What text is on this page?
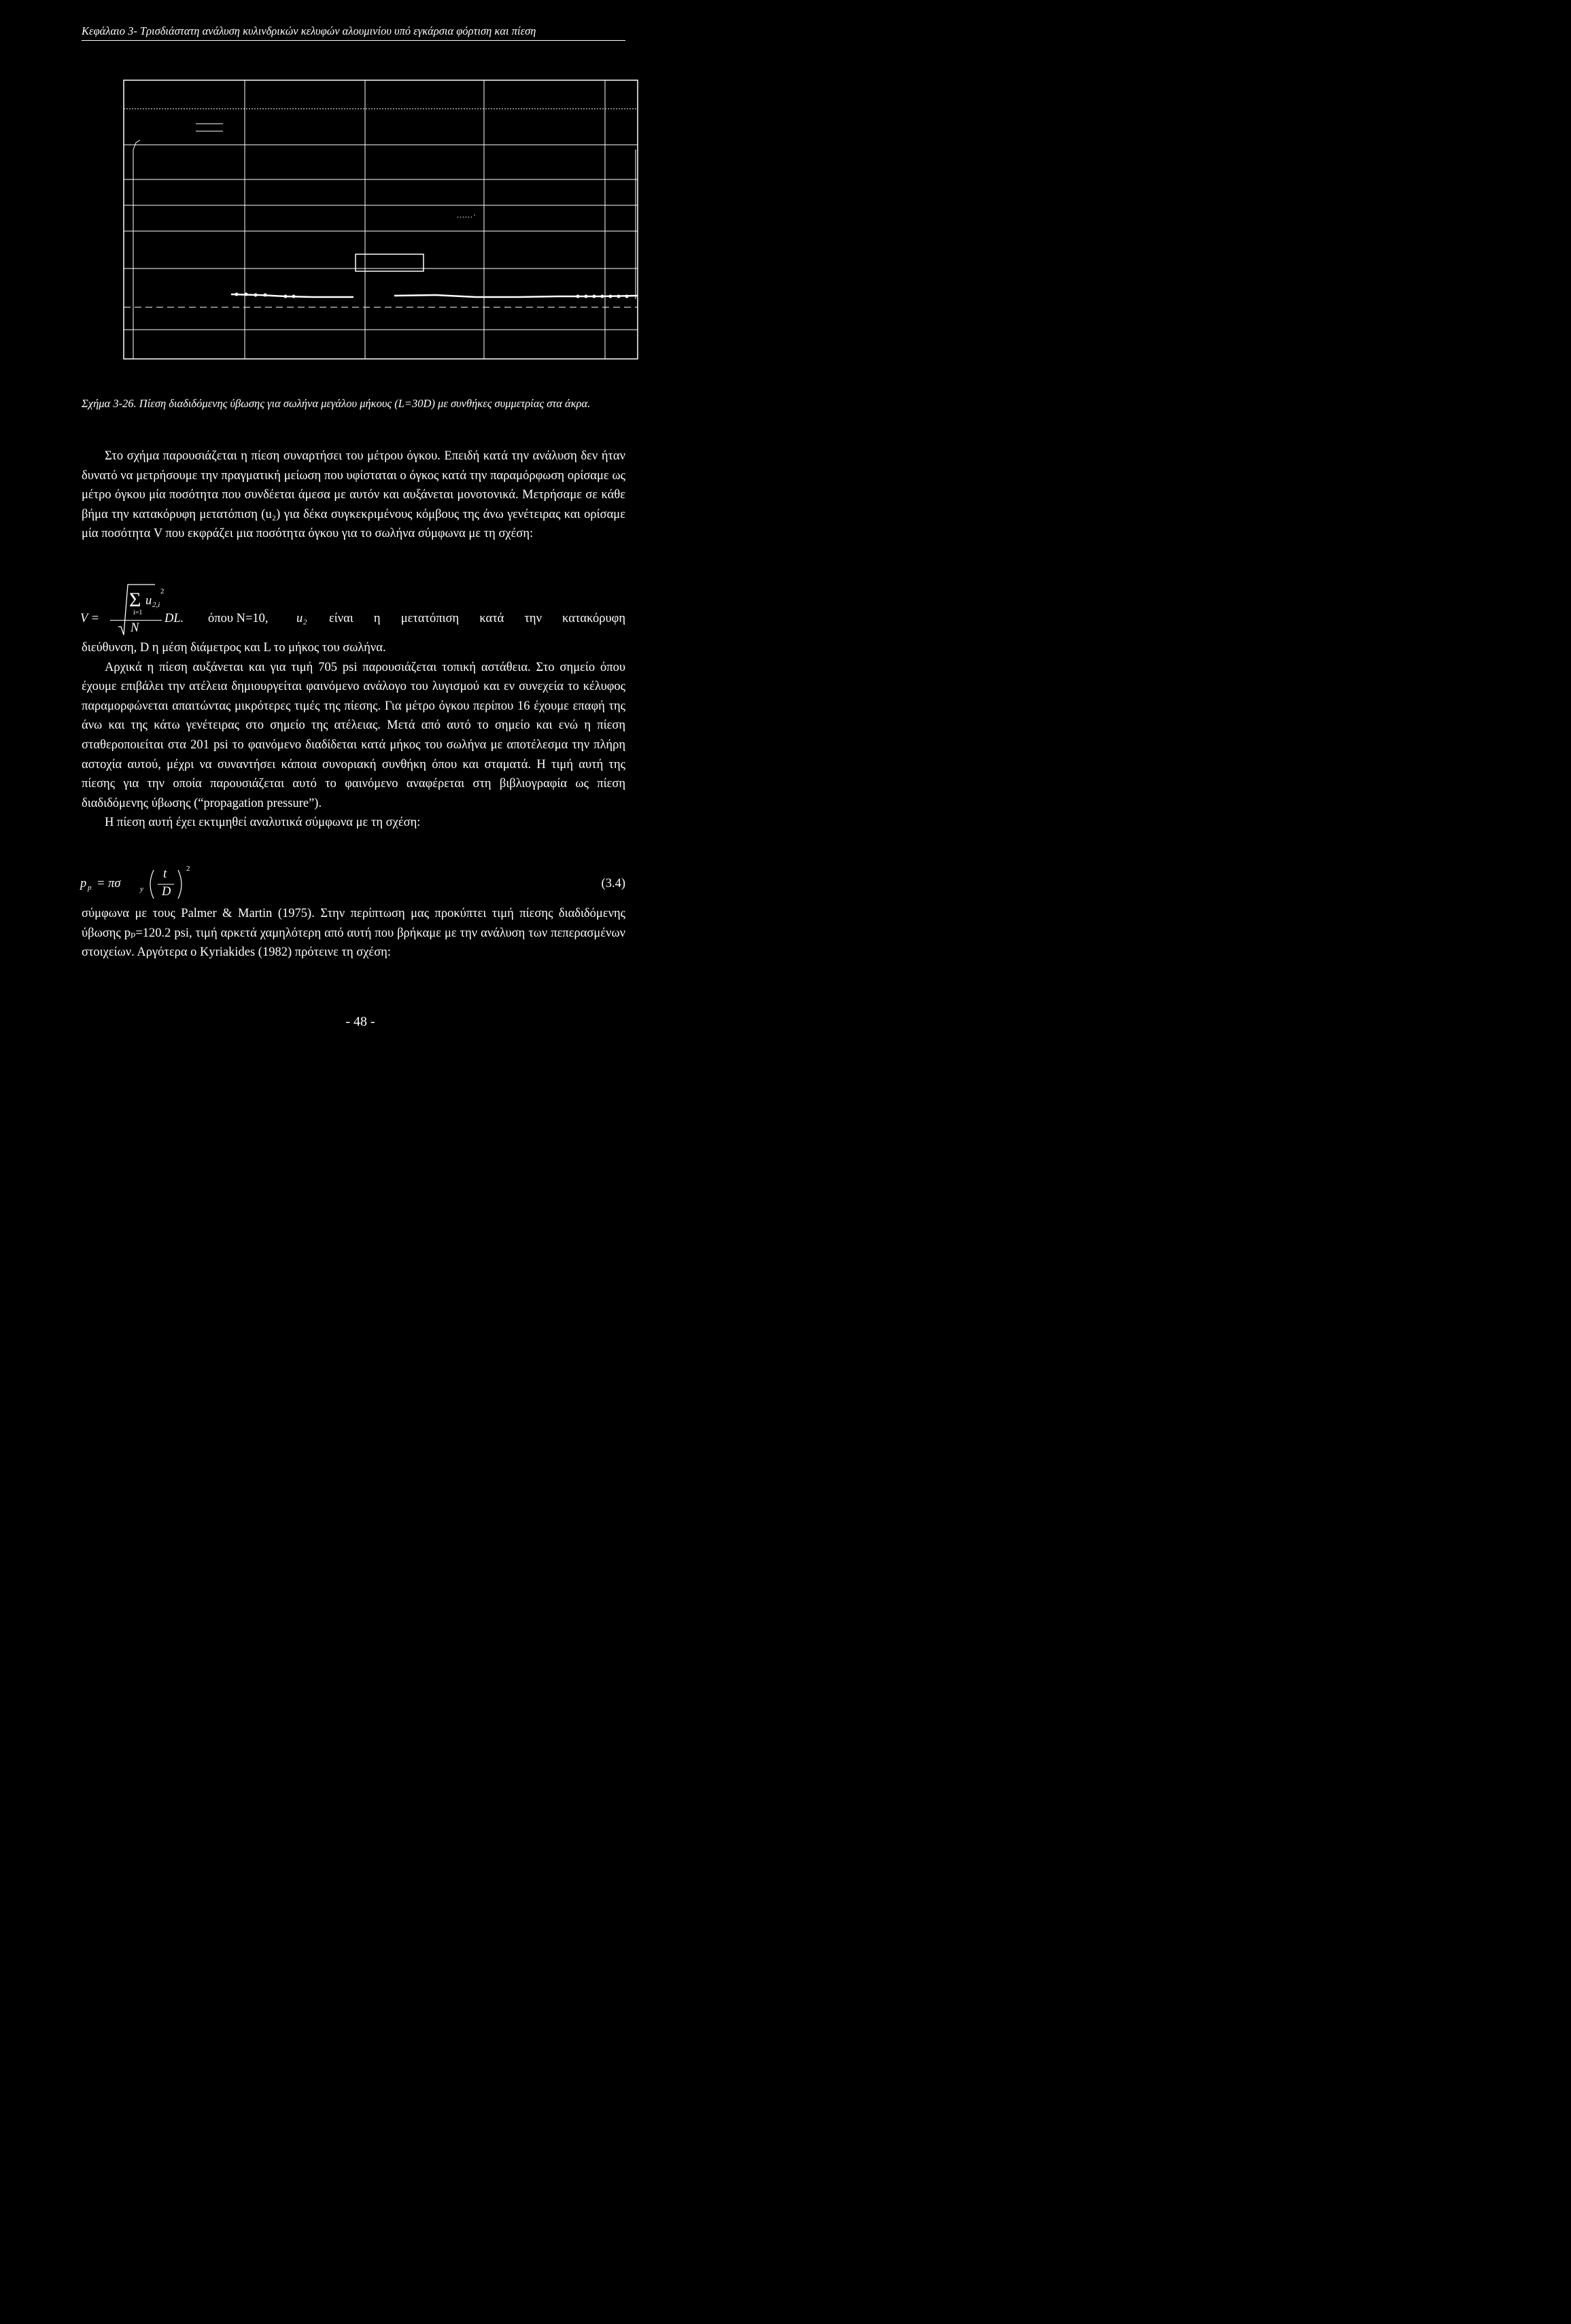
Κεφάλαιο 3- Τρισδιάστατη ανάλυση κυλινδρικών κελυφών αλουμινίου υπό εγκάρσια φόρτιση και πίεση
......·
Σχήμα 3-26. Πίεση διαδιδόμενης ύβωσης για σωλήνα μεγάλου μήκους (L=30D) με συνθήκες συμμετρίας στα άκρα.

Στο σχήμα παρουσιάζεται η πίεση συναρτήσει του μέτρου όγκου. Επειδή κατά την ανάλυση δεν ήταν δυνατό να μετρήσουμε την πραγματική μείωση που υφίσταται ο όγκος κατά την παραμόρφωση ορίσαμε ως μέτρο όγκου μία ποσότητα που συνδέεται άμεσα με αυτόν και αυξάνεται μονοτονικά. Μετρήσαμε σε κάθε βήμα την κατακόρυφη μετατόπιση (u₂) για δέκα συγκεκριμένους κόμβους της άνω γενέτειρας και ορίσαμε μία ποσότητα V που εκφράζει μια ποσότητα όγκου για το σωλήνα σύμφωνα με τη σχέση:

Σ u 2,i
2
i=1
V =
N
DL. όπου N=10, u₂ είναι η μετατόπιση κατά την κατακόρυφη

διεύθυνση, D η μέση διάμετρος και L το μήκος του σωλήνα.

Αρχικά η πίεση αυξάνεται και για τιμή 705 psi παρουσιάζεται τοπική αστάθεια. Στο σημείο όπου έχουμε επιβάλει την ατέλεια δημιουργείται φαινόμενο ανάλογο του λυγισμού και εν συνεχεία το κέλυφος παραμορφώνεται απαιτώντας μικρότερες τιμές της πίεσης. Για μέτρο όγκου περίπου 16 έχουμε επαφή της άνω και της κάτω γενέτειρας στο σημείο της ατέλειας. Μετά από αυτό το σημείο και ενώ η πίεση σταθεροποιείται στα 201 psi το φαινόμενο διαδίδεται κατά μήκος του σωλήνα με αποτέλεσμα την πλήρη αστοχία αυτού, μέχρι να συναντήσει κάποια συνοριακή συνθήκη όπου και σταματά. Η τιμή αυτή της πίεσης για την οποία παρουσιάζεται αυτό το φαινόμενο αναφέρεται στη βιβλιογραφία ως πίεση διαδιδόμενης ύβωσης (“propagation pressure”).

Η πίεση αυτή έχει εκτιμηθεί αναλυτικά σύμφωνα με τη σχέση:

p p = πσ	y
t
D
2
(3.4)

σύμφωνα με τους Palmer & Martin (1975). Στην περίπτωση μας προκύπτει τιμή πίεσης διαδιδόμενης ύβωσης pₚ=120.2 psi, τιμή αρκετά χαμηλότερη από αυτή που βρήκαμε με την ανάλυση των πεπερασμένων στοιχείων. Αργότερα ο Kyriakides (1982) πρότεινε τη σχέση:

- 48 -
